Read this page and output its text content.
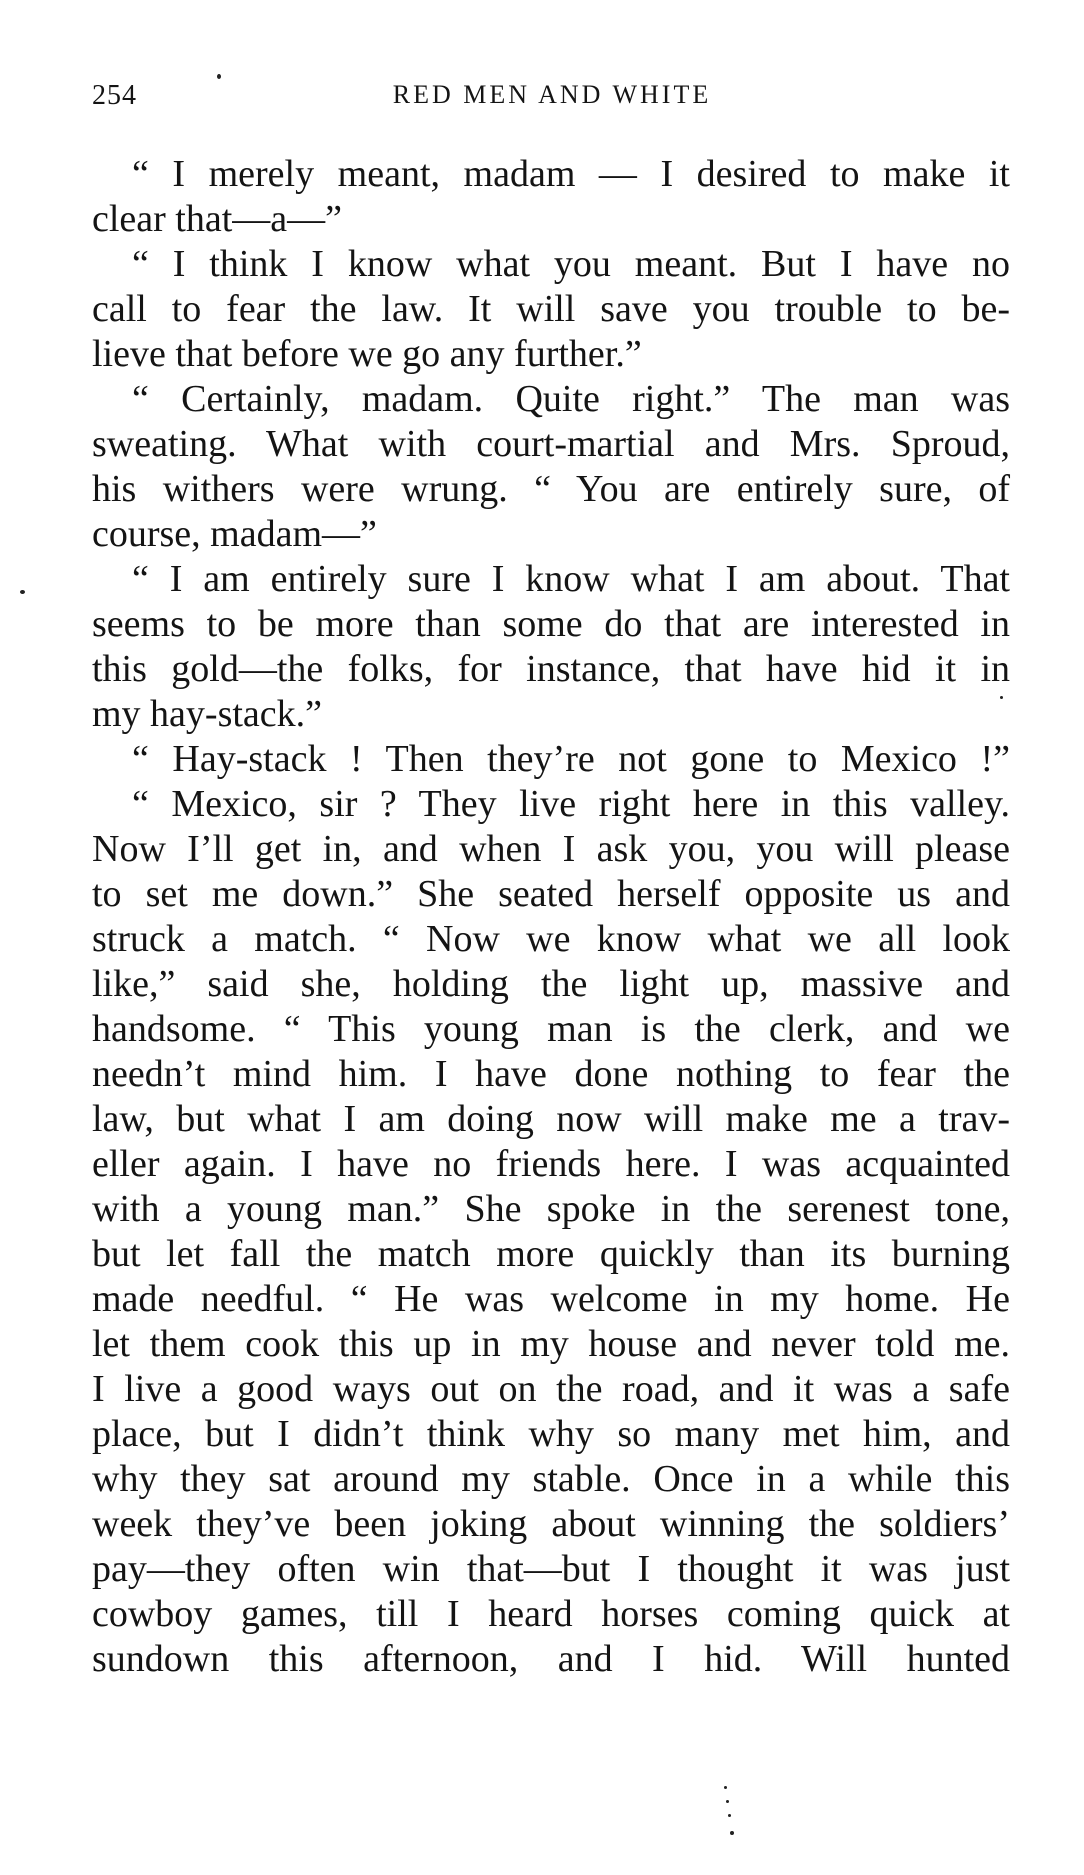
254	RED MEN AND WHITE
“ I merely meant, madam — I desired to make it
clear that—a—”
“ I think I know what you meant. But I have no
call to fear the law. It will save you trouble to be-
lieve that before we go any further.”
“ Certainly, madam. Quite right.” The man was
sweating. What with court-martial and Mrs. Sproud,
his withers were wrung. “ You are entirely sure, of
course, madam—”
“ I am entirely sure I know what I am about. That
seems to be more than some do that are interested in
this gold—the folks, for instance, that have hid it in
my hay-stack.”
“ Hay-stack ! Then they’re not gone to Mexico !”
“ Mexico, sir ? They live right here in this valley.
Now I’ll get in, and when I ask you, you will please
to set me down.” She seated herself opposite us and
struck a match. “ Now we know what we all look
like,” said she, holding the light up, massive and
handsome. “ This young man is the clerk, and we
needn’t mind him. I have done nothing to fear the
law, but what I am doing now will make me a trav-
eller again. I have no friends here. I was acquainted
with a young man.” She spoke in the serenest tone,
but let fall the match more quickly than its burning
made needful. “ He was welcome in my home. He
let them cook this up in my house and never told me.
I live a good ways out on the road, and it was a safe
place, but I didn’t think why so many met him, and
why they sat around my stable. Once in a while this
week they’ve been joking about winning the soldiers’
pay—they often win that—but I thought it was just
cowboy games, till I heard horses coming quick at
sundown this afternoon, and I hid. Will hunted
